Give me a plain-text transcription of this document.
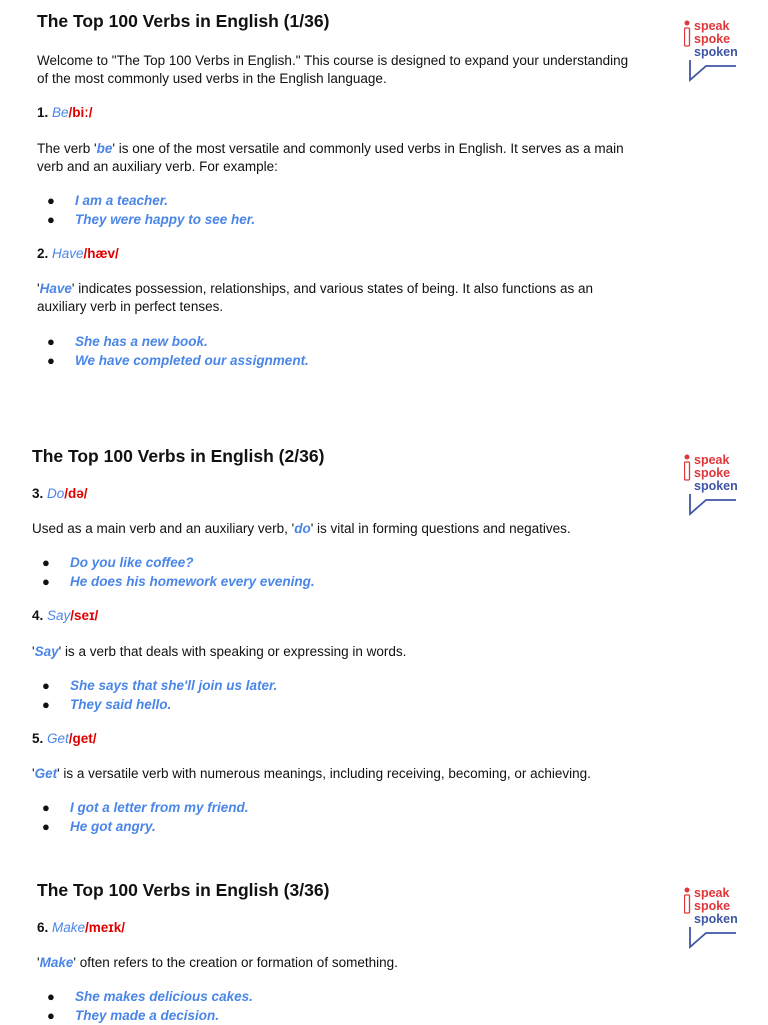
The Top 100 Verbs in English (1/36)	speak
spoke
spoken

Welcome to "The Top 100 Verbs in English." This course is designed to expand your understanding of the most commonly used verbs in the English language.

1. Be/biː/

The verb 'be' is one of the most versatile and commonly used verbs in English. It serves as a main verb and an auxiliary verb. For example:

● I am a teacher.
● They were happy to see her.
2. Have/hæv/

'Have' indicates possession, relationships, and various states of being. It also functions as an auxiliary verb in perfect tenses.

● She has a new book.
● We have completed our assignment.
The Top 100 Verbs in English (2/36)	speak
spoke
spoken
3. Do/də/

Used as a main verb and an auxiliary verb, 'do' is vital in forming questions and negatives.

● Do you like coffee?
● He does his homework every evening.
4. Say/seɪ/

'Say' is a verb that deals with speaking or expressing in words.

● She says that she'll join us later.
● They said hello.
5. Get/get/

'Get' is a versatile verb with numerous meanings, including receiving, becoming, or achieving.

● I got a letter from my friend.
● He got angry.
The Top 100 Verbs in English (3/36)	speak
spoke
spoken
6. Make/meɪk/

'Make' often refers to the creation or formation of something.

● She makes delicious cakes.
● They made a decision.
